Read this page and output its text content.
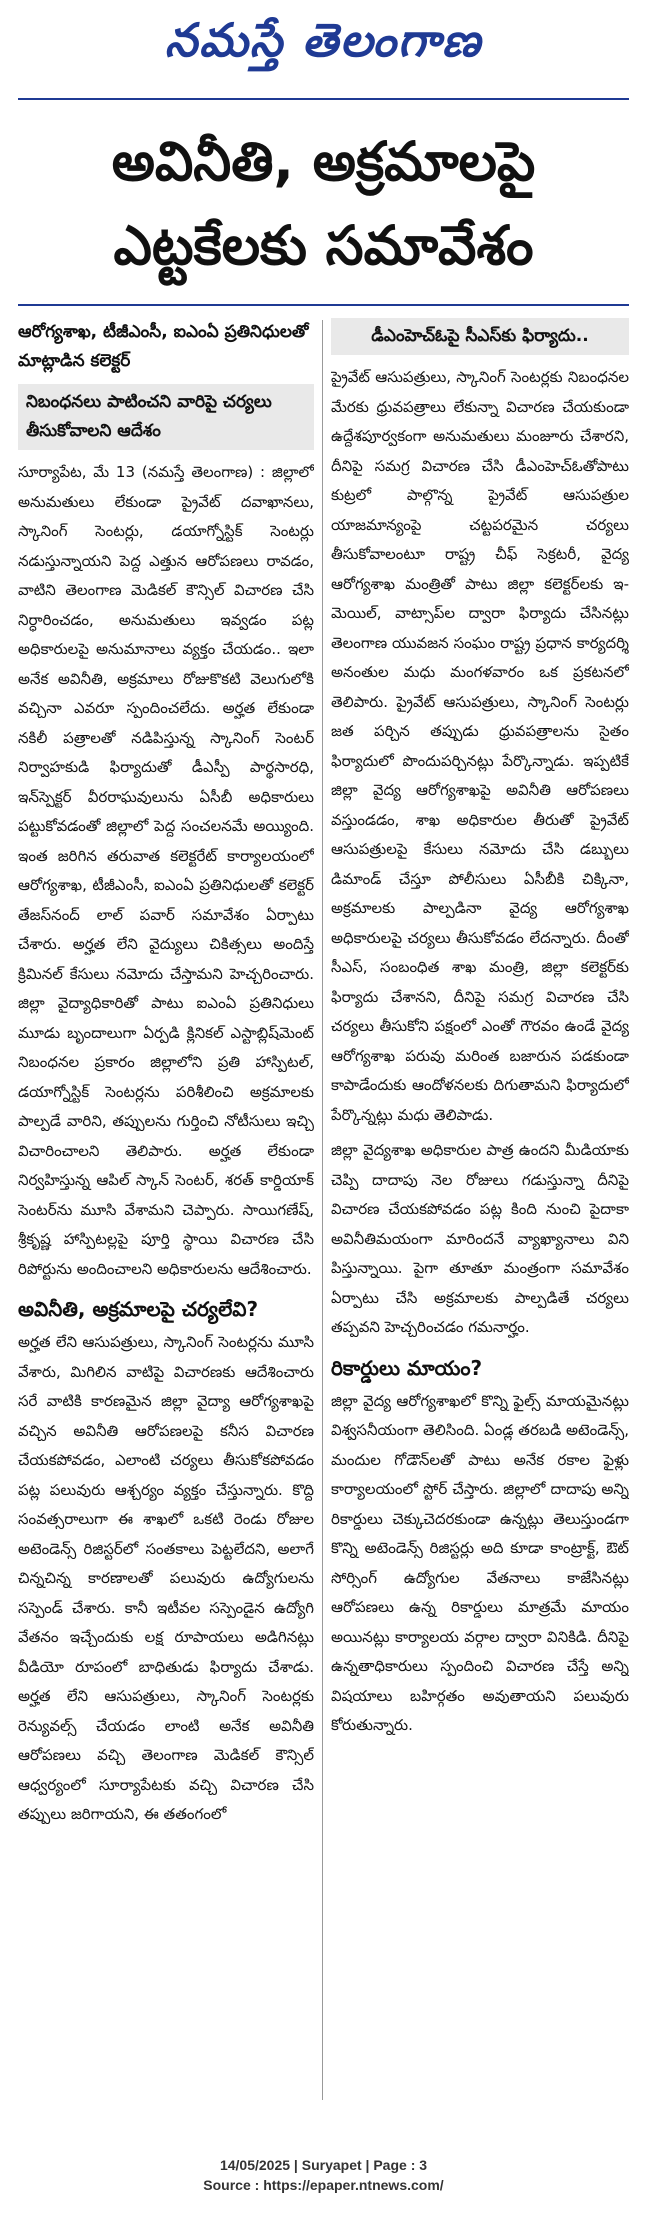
నమస్తే తెలంగాణ
అవినీతి, అక్రమాలపై
ఎట్టకేలకు సమావేశం
ఆరోగ్యశాఖ, టీజీఎంసీ, ఐఎంఏ ప్రతినిధులతో మాట్లాడిన కలెక్టర్
నిబంధనలు పాటించని వారిపై చర్యలు తీసుకోవాలని ఆదేశం

సూర్యాపేట, మే 13 (నమస్తే తెలంగాణ) : జిల్లాలో అనుమతులు లేకుండా ప్రైవేట్ దవాఖానలు, స్కానింగ్ సెంటర్లు, డయాగ్నోస్టిక్ సెంటర్లు నడుస్తున్నాయని పెద్ద ఎత్తున ఆరోపణలు రావడం, వాటిని తెలంగాణ మెడికల్ కౌన్సిల్ విచారణ చేసి నిర్ధారించడం, అనుమతులు ఇవ్వడం పట్ల అధికారులపై అనుమానాలు వ్యక్తం చేయడం.. ఇలా అనేక అవినీతి, అక్రమాలు రోజుకొకటి వెలుగులోకి వచ్చినా ఎవరూ స్పందించలేదు. అర్హత లేకుండా నకిలీ పత్రాలతో నడిపిస్తున్న స్కానింగ్ సెంటర్ నిర్వాహకుడి ఫిర్యాదుతో డీఎస్పీ పార్థసారధి, ఇన్‌స్పెక్టర్ వీరరాఘవులును ఏసీబీ అధికారులు పట్టుకోవడంతో జిల్లాలో పెద్ద సంచలనమే అయ్యింది. ఇంత జరిగిన తరువాత కలెక్టరేట్ కార్యాలయంలో ఆరోగ్యశాఖ, టీజీఎంసీ, ఐఎంఏ ప్రతినిధులతో కలెక్టర్ తేజస్‌నంద్ లాల్ పవార్ సమావేశం ఏర్పాటు చేశారు. అర్హత లేని వైద్యులు చికిత్సలు అందిస్తే క్రిమినల్ కేసులు నమోదు చేస్తామని హెచ్చరించారు. జిల్లా వైద్యాధికారితో పాటు ఐఎంఏ ప్రతినిధులు మూడు బృందాలుగా ఏర్పడి క్లినికల్ ఎస్టాబ్లిష్‌మెంట్ నిబంధనల ప్రకారం జిల్లాలోని ప్రతి హాస్పిటల్, డయాగ్నోస్టిక్ సెంటర్లను పరిశీలించి అక్రమాలకు పాల్పడే వారిని, తప్పులను గుర్తించి నోటీసులు ఇచ్చి విచారించాలని తెలిపారు. అర్హత లేకుండా నిర్వహిస్తున్న ఆపిల్ స్కాన్ సెంటర్, శరత్ కార్డియాక్ సెంటర్‌ను మూసి వేశామని చెప్పారు. సాయిగణేష్, శ్రీకృష్ణ హాస్పిటల్లపై పూర్తి స్థాయి విచారణ చేసి రిపోర్టును అందించాలని అధికారులను ఆదేశించారు.

అవినీతి, అక్రమాలపై చర్యలేవి?

అర్హత లేని ఆసుపత్రులు, స్కానింగ్ సెంటర్లను మూసి వేశారు, మిగిలిన వాటిపై విచారణకు ఆదేశించారు సరే వాటికి కారణమైన జిల్లా వైద్యా ఆరోగ్యశాఖపై వచ్చిన అవినీతి ఆరోపణలపై కనీస విచారణ చేయకపోవడం, ఎలాంటి చర్యలు తీసుకోకపోవడం పట్ల పలువురు ఆశ్చర్యం వ్యక్తం చేస్తున్నారు. కొద్ది సంవత్సరాలుగా ఈ శాఖలో ఒకటి రెండు రోజుల అటెండెన్స్ రిజిస్టర్‌లో సంతకాలు పెట్టలేదని, అలాగే చిన్నచిన్న కారణాలతో పలువురు ఉద్యోగులను సస్పెండ్ చేశారు. కానీ ఇటీవల సస్పెండైన ఉద్యోగి వేతనం ఇచ్చేందుకు లక్ష రూపాయలు అడిగినట్లు వీడియో రూపంలో బాధితుడు ఫిర్యాదు చేశాడు. అర్హత లేని ఆసుపత్రులు, స్కానింగ్ సెంటర్లకు రెన్యువల్స్ చేయడం లాంటి అనేక అవినీతి ఆరోపణలు వచ్చి తెలంగాణ మెడికల్ కౌన్సిల్ ఆధ్వర్యంలో సూర్యాపేటకు వచ్చి విచారణ చేసి తప్పులు జరిగాయని, ఈ తతంగంలో

డీఎంహెచ్‌ఓపై సీఎస్‌కు ఫిర్యాదు..

ప్రైవేట్ ఆసుపత్రులు, స్కానింగ్ సెంటర్లకు నిబంధనల మేరకు ధ్రువపత్రాలు లేకున్నా విచారణ చేయకుండా ఉద్దేశపూర్వకంగా అనుమతులు మంజూరు చేశారని, దీనిపై సమగ్ర విచారణ చేసి డీఎంహెచ్‌ఓతోపాటు కుట్రలో పాల్గొన్న ప్రైవేట్ ఆసుపత్రుల యాజమాన్యంపై చట్టపరమైన చర్యలు తీసుకోవాలంటూ రాష్ట్ర చీఫ్ సెక్రటరీ, వైద్య ఆరోగ్యశాఖ మంత్రితో పాటు జిల్లా కలెక్టర్‌లకు ఇ-మెయిల్, వాట్సాప్‌ల ద్వారా ఫిర్యాదు చేసినట్లు తెలంగాణ యువజన సంఘం రాష్ట్ర ప్రధాన కార్యదర్శి అనంతుల మధు మంగళవారం ఒక ప్రకటనలో తెలిపారు. ప్రైవేట్ ఆసుపత్రులు, స్కానింగ్ సెంటర్లు జత పర్చిన తప్పుడు ధ్రువపత్రాలను సైతం ఫిర్యాదులో పొందుపర్చినట్లు పేర్కొన్నాడు. ఇప్పటికే జిల్లా వైద్య ఆరోగ్యశాఖపై అవినీతి ఆరోపణలు వస్తుండడం, శాఖ అధికారుల తీరుతో ప్రైవేట్ ఆసుపత్రులపై కేసులు నమోదు చేసి డబ్బులు డిమాండ్ చేస్తూ పోలీసులు ఏసీబీకి చిక్కినా, అక్రమాలకు పాల్పడినా వైద్య ఆరోగ్యశాఖ అధికారులపై చర్యలు తీసుకోవడం లేదన్నారు. దీంతో సీఎస్, సంబంధిత శాఖ మంత్రి, జిల్లా కలెక్టర్‌కు ఫిర్యాదు చేశానని, దీనిపై సమగ్ర విచారణ చేసి చర్యలు తీసుకోని పక్షంలో ఎంతో గౌరవం ఉండే వైద్య ఆరోగ్యశాఖ పరువు మరింత బజారున పడకుండా కాపాడేందుకు ఆందోళనలకు దిగుతామని ఫిర్యాదులో పేర్కొన్నట్లు మధు తెలిపాడు.

జిల్లా వైద్యశాఖ అధికారుల పాత్ర ఉందని మీడియాకు చెప్పి దాదాపు నెల రోజులు గడుస్తున్నా దీనిపై విచారణ చేయకపోవడం పట్ల కింది నుంచి పైదాకా అవినీతిమయంగా మారిందనే వ్యాఖ్యానాలు విని పిస్తున్నాయి. పైగా తూతూ మంత్రంగా సమావేశం ఏర్పాటు చేసి అక్రమాలకు పాల్పడితే చర్యలు తప్పవని హెచ్చరించడం గమనార్హం.

రికార్డులు మాయం?

జిల్లా వైద్య ఆరోగ్యశాఖలో కొన్ని ఫైల్స్ మాయమైనట్లు విశ్వసనీయంగా తెలిసింది. ఏండ్ల తరబడి అటెండెన్స్, మందుల గోడౌన్‌లతో పాటు అనేక రకాల ఫైళ్లు కార్యాలయంలో స్టోర్ చేస్తారు. జిల్లాలో దాదాపు అన్ని రికార్డులు చెక్కుచెదరకుండా ఉన్నట్లు తెలుస్తుండగా కొన్ని అటెండెన్స్ రిజిస్టర్లు అది కూడా కాంట్రాక్ట్, ఔట్ సోర్సింగ్ ఉద్యోగుల వేతనాలు కాజేసినట్లు ఆరోపణలు ఉన్న రికార్డులు మాత్రమే మాయం అయినట్లు కార్యాలయ వర్గాల ద్వారా వినికిడి. దీనిపై ఉన్నతాధికారులు స్పందించి విచారణ చేస్తే అన్ని విషయాలు బహిర్గతం అవుతాయని పలువురు కోరుతున్నారు.

14/05/2025 | Suryapet | Page : 3
Source : https://epaper.ntnews.com/
